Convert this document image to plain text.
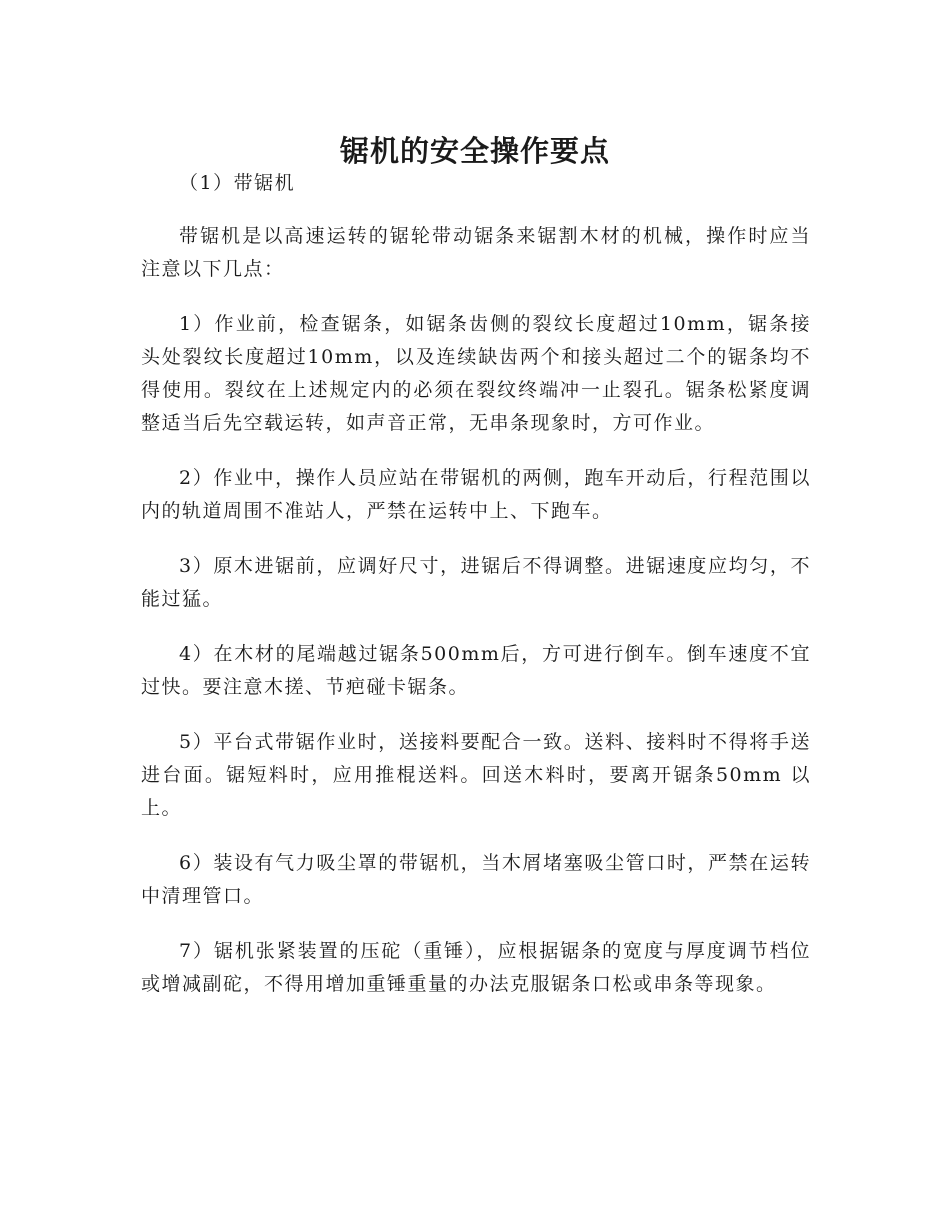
锯机的安全操作要点

（1）带锯机

带锯机是以高速运转的锯轮带动锯条来锯割木材的机械，操作时应当注意以下几点：

1）作业前，检查锯条，如锯条齿侧的裂纹长度超过10mm，锯条接头处裂纹长度超过10mm，以及连续缺齿两个和接头超过二个的锯条均不得使用。裂纹在上述规定内的必须在裂纹终端冲一止裂孔。锯条松紧度调整适当后先空载运转，如声音正常，无串条现象时，方可作业。

2）作业中，操作人员应站在带锯机的两侧，跑车开动后，行程范围以内的轨道周围不准站人，严禁在运转中上、下跑车。

3）原木进锯前，应调好尺寸，进锯后不得调整。进锯速度应均匀，不能过猛。

4）在木材的尾端越过锯条500mm后，方可进行倒车。倒车速度不宜过快。要注意木搓、节疤碰卡锯条。

5）平台式带锯作业时，送接料要配合一致。送料、接料时不得将手送进台面。锯短料时，应用推棍送料。回送木料时，要离开锯条50mm 以上。

6）装设有气力吸尘罩的带锯机，当木屑堵塞吸尘管口时，严禁在运转中清理管口。

7）锯机张紧装置的压砣（重锤），应根据锯条的宽度与厚度调节档位或增减副砣，不得用增加重锤重量的办法克服锯条口松或串条等现象。
